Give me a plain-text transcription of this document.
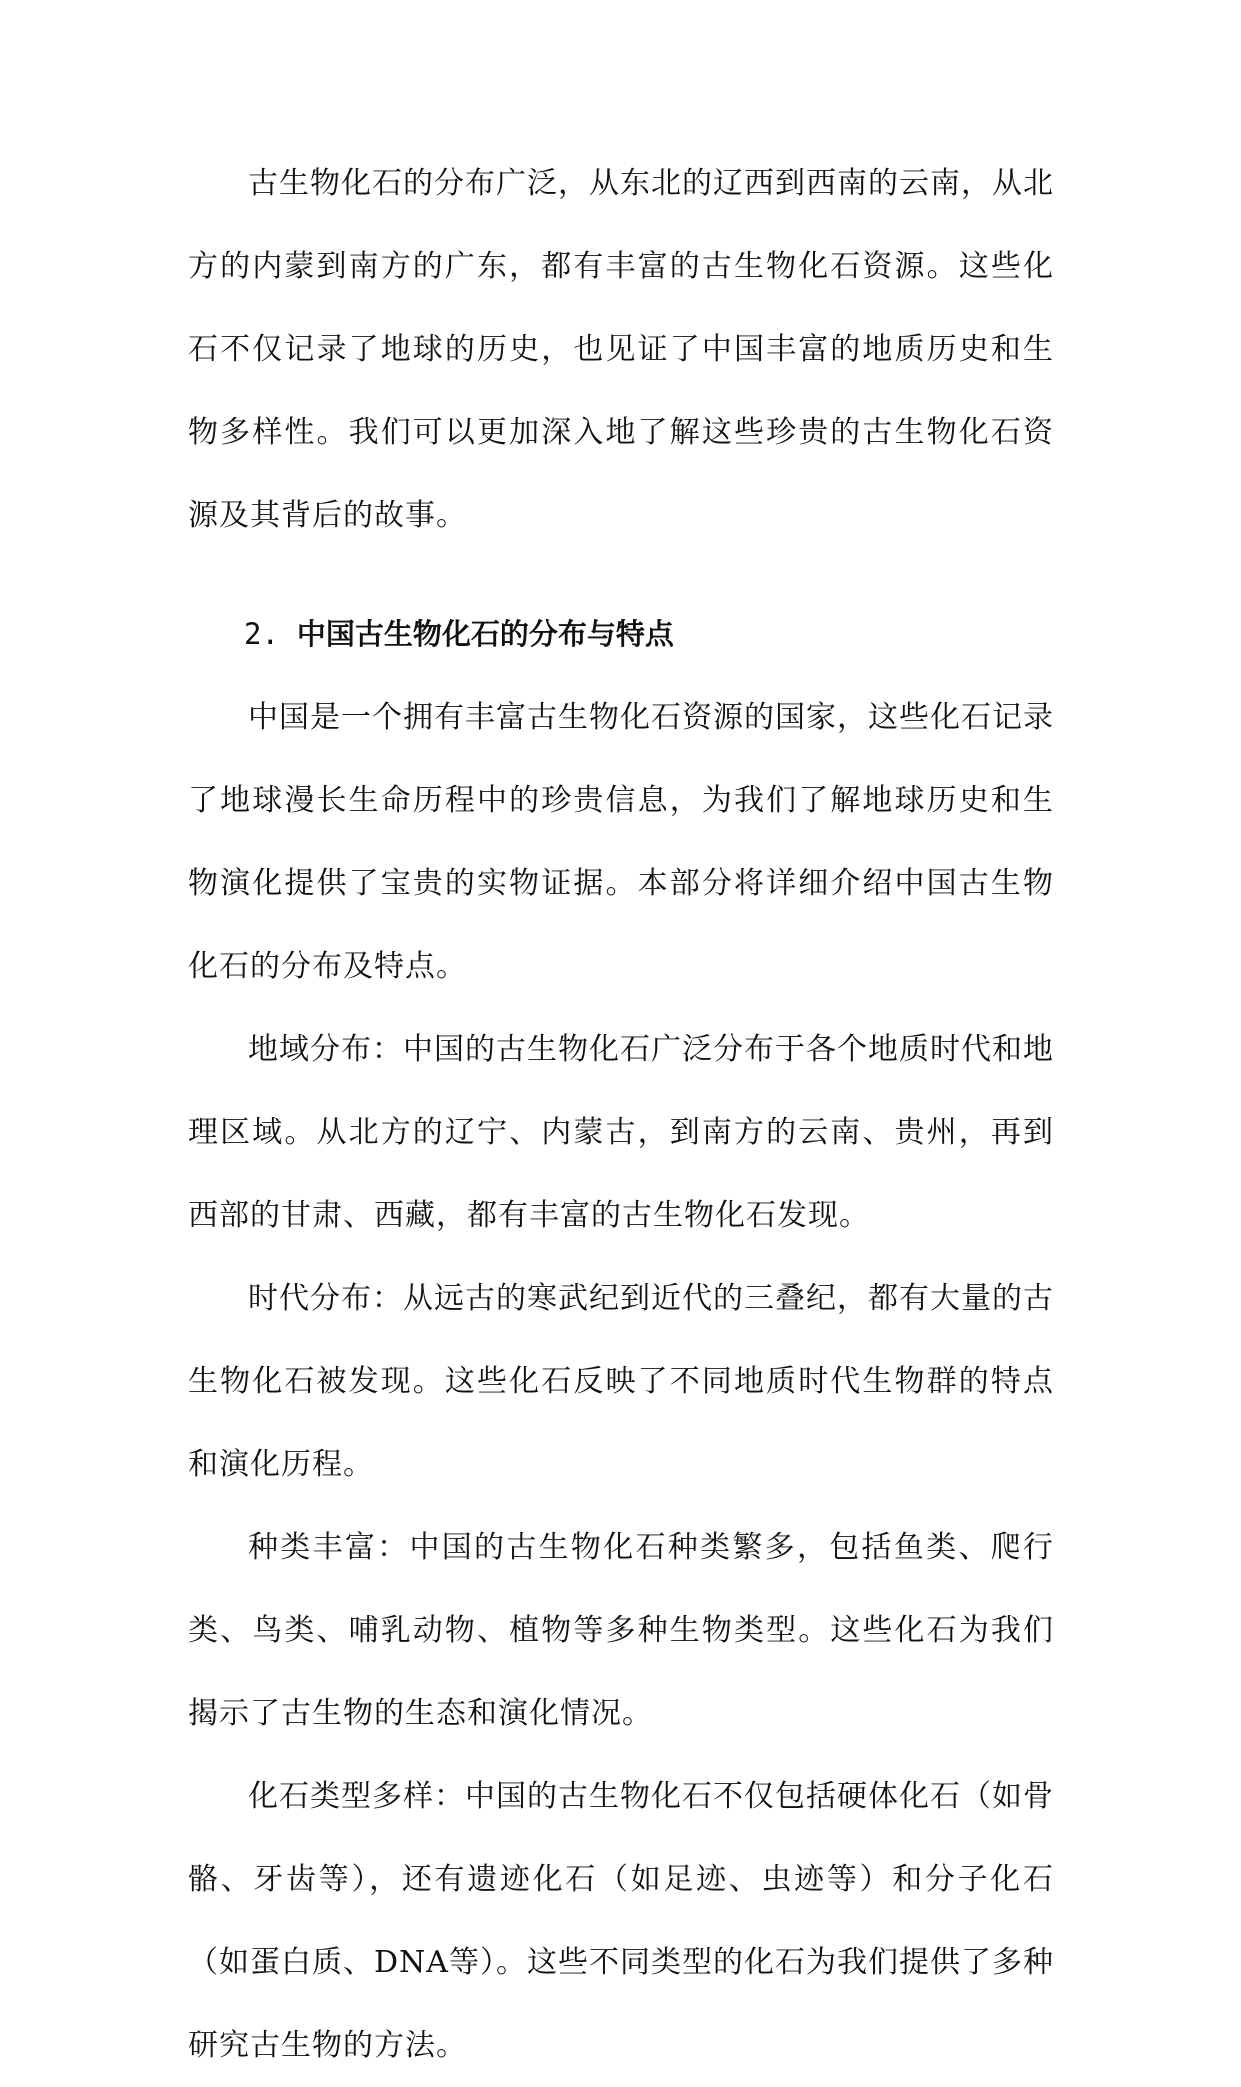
古生物化石的分布广泛，从东北的辽西到西南的云南，从北方的内蒙到南方的广东，都有丰富的古生物化石资源。这些化石不仅记录了地球的历史，也见证了中国丰富的地质历史和生物多样性。我们可以更加深入地了解这些珍贵的古生物化石资源及其背后的故事。

2. 中国古生物化石的分布与特点

中国是一个拥有丰富古生物化石资源的国家，这些化石记录了地球漫长生命历程中的珍贵信息，为我们了解地球历史和生物演化提供了宝贵的实物证据。本部分将详细介绍中国古生物化石的分布及特点。

地域分布：中国的古生物化石广泛分布于各个地质时代和地理区域。从北方的辽宁、内蒙古，到南方的云南、贵州，再到西部的甘肃、西藏，都有丰富的古生物化石发现。

时代分布：从远古的寒武纪到近代的三叠纪，都有大量的古生物化石被发现。这些化石反映了不同地质时代生物群的特点和演化历程。

种类丰富：中国的古生物化石种类繁多，包括鱼类、爬行类、鸟类、哺乳动物、植物等多种生物类型。这些化石为我们揭示了古生物的生态和演化情况。

化石类型多样：中国的古生物化石不仅包括硬体化石（如骨骼、牙齿等），还有遗迹化石（如足迹、虫迹等）和分子化石（如蛋白质、DNA等）。这些不同类型的化石为我们提供了多种研究古生物的方法。
